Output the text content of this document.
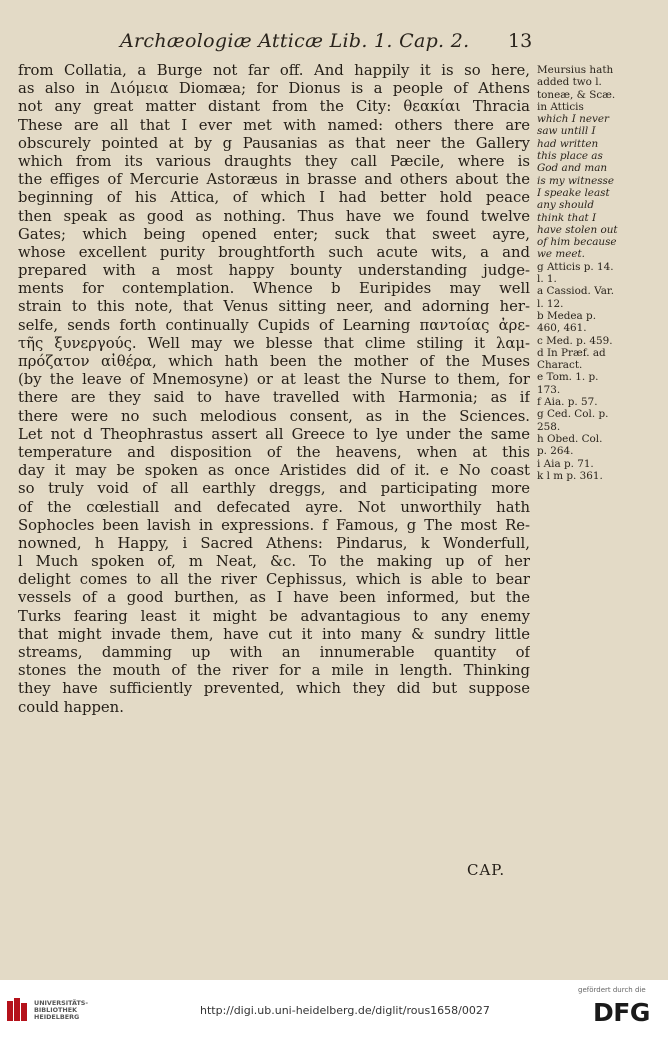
Archæologiæ Atticæ Lib. 1. Cap. 2. 13
from Collatia, a Burge not far off. And happily it is so here,
as also in Διόμεια Diomæa; for Dionus is a people of Athens
not any great matter distant from the City: θεακίαι Thracia
These are all that I ever met with named: others there are
obscurely pointed at by g Pausanias as that neer the Gallery
which from its various draughts they call Pæcile, where is
the effiges of Mercurie Astoræus in brasse and others about the
beginning of his Attica, of which I had better hold peace
then speak as good as nothing. Thus have we found twelve
Gates; which being opened enter; suck that sweet ayre,
whose excellent purity broughtforth such acute wits, a and
prepared with a most happy bounty understanding judge-
ments for contemplation. Whence b Euripides may well
strain to this note, that Venus sitting neer, and adorning her-
selfe, sends forth continually Cupids of Learning παντοίας ἀρε-
τῆς ξυνεργούς. Well may we blesse that clime stiling it λαμ-
πρόζατον αἰθέρα, which hath been the mother of the Muses
(by the leave of Mnemosyne) or at least the Nurse to them, for
there are they said to have travelled with Harmonia; as if
there were no such melodious consent, as in the Sciences.
Let not d Theophrastus assert all Greece to lye under the same
temperature and disposition of the heavens, when at this
day it may be spoken as once Aristides did of it. e No coast
so truly void of all earthly dreggs, and participating more
of the cœlestiall and defecated ayre. Not unworthily hath
Sophocles been lavish in expressions. f Famous, g The most Re-
nowned, h Happy, i Sacred Athens: Pindarus, k Wonderfull,
l Much spoken of, m Neat, &c. To the making up of her
delight comes to all the river Cephissus, which is able to bear
vessels of a good burthen, as I have been informed, but the
Turks fearing least it might be advantagious to any enemy
that might invade them, have cut it into many & sundry little
streams, damming up with an innumerable quantity of
stones the mouth of the river for a mile in length. Thinking
they have sufficiently prevented, which they did but suppose
could happen.
CAP.
Meursius hath
added two l.
toneæ, & Scæ.
in Atticis
which I never
saw untill I
had written
this place as
God and man
is my witnesse
I speake least
any should
think that I
have stolen out
of him because
we meet.
g Atticis p. 14.
l. 1.
a Cassiod. Var.
l. 12.
b Medea p.
460, 461.
c Med. p. 459.
d In Præf. ad
Charact.
e Tom. 1. p.
173.
f Aia. p. 57.
g Ced. Col. p.
258.
h Obed. Col.
p. 264.
i Aia p. 71.
k l m p. 361.
UNIVERSITÄTS-
BIBLIOTHEK
HEIDELBERG
http://digi.ub.uni-heidelberg.de/diglit/rous1658/0027
gefördert durch die
DFG
